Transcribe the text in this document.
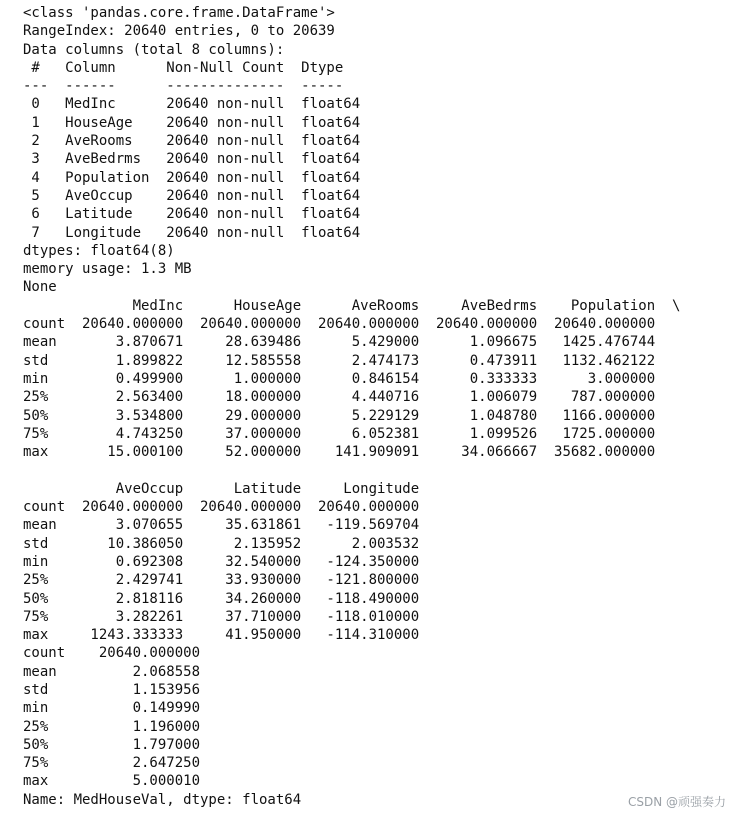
<class 'pandas.core.frame.DataFrame'>
RangeIndex: 20640 entries, 0 to 20639
Data columns (total 8 columns):
#   Column      Non-Null Count  Dtype
---  ------      --------------  -----
0   MedInc      20640 non-null  float64
1   HouseAge    20640 non-null  float64
2   AveRooms    20640 non-null  float64
3   AveBedrms   20640 non-null  float64
4   Population  20640 non-null  float64
5   AveOccup    20640 non-null  float64
6   Latitude    20640 non-null  float64
7   Longitude   20640 non-null  float64
dtypes: float64(8)
memory usage: 1.3 MB
None
MedInc      HouseAge      AveRooms     AveBedrms    Population  \
count  20640.000000  20640.000000  20640.000000  20640.000000  20640.000000
mean       3.870671     28.639486      5.429000      1.096675   1425.476744
std        1.899822     12.585558      2.474173      0.473911   1132.462122
min        0.499900      1.000000      0.846154      0.333333      3.000000
25%        2.563400     18.000000      4.440716      1.006079    787.000000
50%        3.534800     29.000000      5.229129      1.048780   1166.000000
75%        4.743250     37.000000      6.052381      1.099526   1725.000000
max       15.000100     52.000000    141.909091     34.066667  35682.000000
AveOccup      Latitude     Longitude
count  20640.000000  20640.000000  20640.000000
mean       3.070655     35.631861   -119.569704
std       10.386050      2.135952      2.003532
min        0.692308     32.540000   -124.350000
25%        2.429741     33.930000   -121.800000
50%        2.818116     34.260000   -118.490000
75%        3.282261     37.710000   -118.010000
max     1243.333333     41.950000   -114.310000
count    20640.000000
mean         2.068558
std          1.153956
min          0.149990
25%          1.196000
50%          1.797000
75%          2.647250
max          5.000010
Name: MedHouseVal, dtype: float64	CSDN @顽强奏力
